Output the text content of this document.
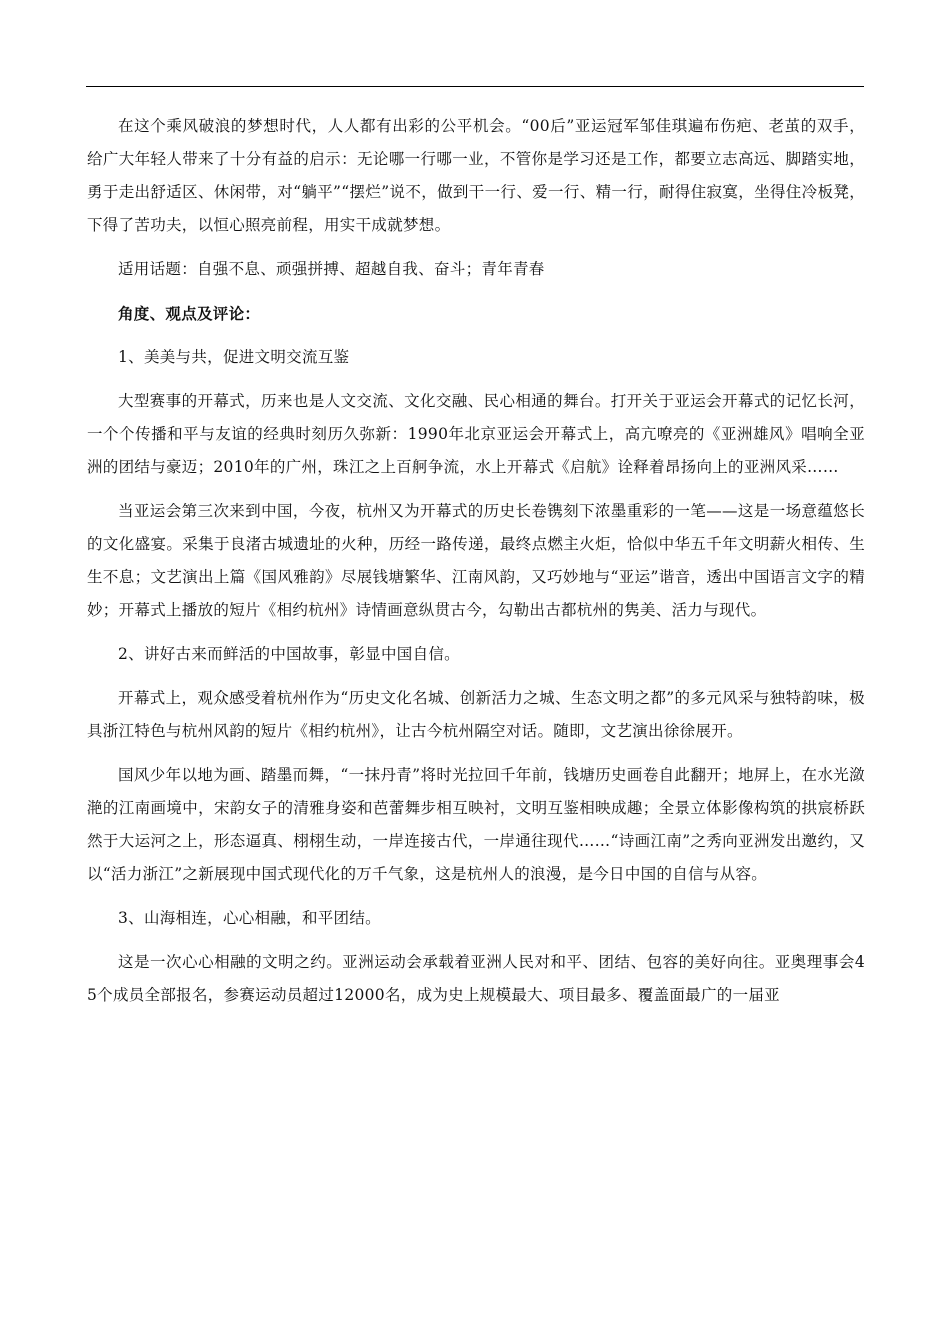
在这个乘风破浪的梦想时代，人人都有出彩的公平机会。“00后”亚运冠军邹佳琪遍布伤疤、老茧的双手，给广大年轻人带来了十分有益的启示：无论哪一行哪一业，不管你是学习还是工作，都要立志高远、脚踏实地，勇于走出舒适区、休闲带，对“躺平”“摆烂”说不，做到干一行、爱一行、精一行，耐得住寂寞，坐得住冷板凳，下得了苦功夫，以恒心照亮前程，用实干成就梦想。

适用话题：自强不息、顽强拼搏、超越自我、奋斗；青年青春

角度、观点及评论：

1、美美与共，促进文明交流互鉴

大型赛事的开幕式，历来也是人文交流、文化交融、民心相通的舞台。打开关于亚运会开幕式的记忆长河，一个个传播和平与友谊的经典时刻历久弥新：1990年北京亚运会开幕式上，高亢嘹亮的《亚洲雄风》唱响全亚洲的团结与豪迈；2010年的广州，珠江之上百舸争流，水上开幕式《启航》诠释着昂扬向上的亚洲风采……

当亚运会第三次来到中国，今夜，杭州又为开幕式的历史长卷镌刻下浓墨重彩的一笔——这是一场意蕴悠长的文化盛宴。采集于良渚古城遗址的火种，历经一路传递，最终点燃主火炬，恰似中华五千年文明薪火相传、生生不息；文艺演出上篇《国风雅韵》尽展钱塘繁华、江南风韵，又巧妙地与“亚运”谐音，透出中国语言文字的精妙；开幕式上播放的短片《相约杭州》诗情画意纵贯古今，勾勒出古都杭州的隽美、活力与现代。

2、讲好古来而鲜活的中国故事，彰显中国自信。

开幕式上，观众感受着杭州作为“历史文化名城、创新活力之城、生态文明之都”的多元风采与独特韵味，极具浙江特色与杭州风韵的短片《相约杭州》，让古今杭州隔空对话。随即，文艺演出徐徐展开。

国风少年以地为画、踏墨而舞，“一抹丹青”将时光拉回千年前，钱塘历史画卷自此翻开；地屏上，在水光潋滟的江南画境中，宋韵女子的清雅身姿和芭蕾舞步相互映衬，文明互鉴相映成趣；全景立体影像构筑的拱宸桥跃然于大运河之上，形态逼真、栩栩生动，一岸连接古代，一岸通往现代……“诗画江南”之秀向亚洲发出邀约，又以“活力浙江”之新展现中国式现代化的万千气象，这是杭州人的浪漫，是今日中国的自信与从容。

3、山海相连，心心相融，和平团结。

这是一次心心相融的文明之约。亚洲运动会承载着亚洲人民对和平、团结、包容的美好向往。亚奥理事会45个成员全部报名，参赛运动员超过12000名，成为史上规模最大、项目最多、覆盖面最广的一届亚
